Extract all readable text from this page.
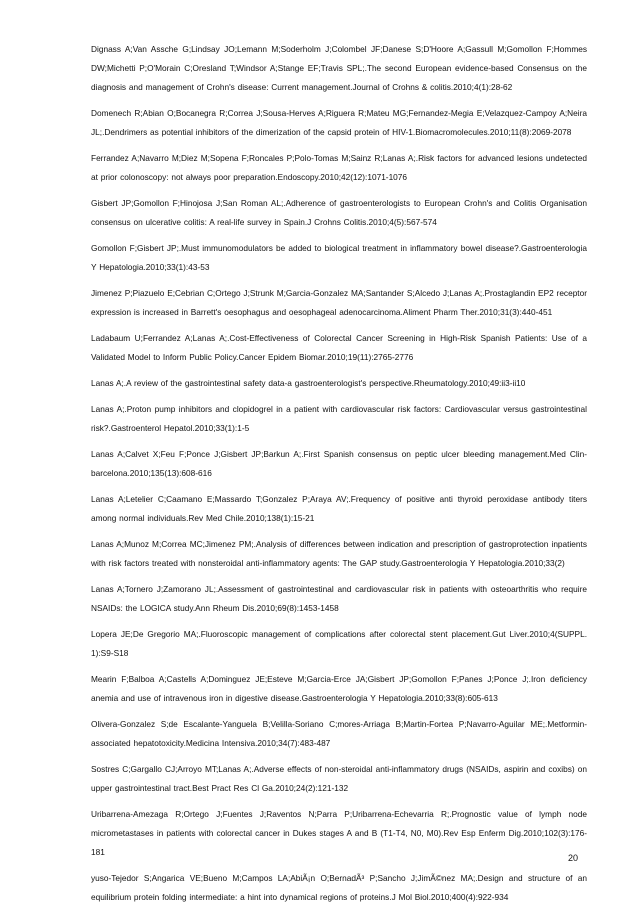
Dignass A;Van Assche G;Lindsay JO;Lemann M;Soderholm J;Colombel JF;Danese S;D'Hoore A;Gassull M;Gomollon F;Hommes DW;Michetti P;O'Morain C;Oresland T;Windsor A;Stange EF;Travis SPL;.The second European evidence-based Consensus on the diagnosis and management of Crohn's disease: Current management.Journal of Crohns & colitis.2010;4(1):28-62

Domenech R;Abian O;Bocanegra R;Correa J;Sousa-Herves A;Riguera R;Mateu MG;Fernandez-Megia E;Velazquez-Campoy A;Neira JL;.Dendrimers as potential inhibitors of the dimerization of the capsid protein of HIV-1.Biomacromolecules.2010;11(8):2069-2078

Ferrandez A;Navarro M;Diez M;Sopena F;Roncales P;Polo-Tomas M;Sainz R;Lanas A;.Risk factors for advanced lesions undetected at prior colonoscopy: not always poor preparation.Endoscopy.2010;42(12):1071-1076

Gisbert JP;Gomollon F;Hinojosa J;San Roman AL;.Adherence of gastroenterologists to European Crohn's and Colitis Organisation consensus on ulcerative colitis: A real-life survey in Spain.J Crohns Colitis.2010;4(5):567-574

Gomollon F;Gisbert JP;.Must immunomodulators be added to biological treatment in inflammatory bowel disease?.Gastroenterologia Y Hepatologia.2010;33(1):43-53

Jimenez P;Piazuelo E;Cebrian C;Ortego J;Strunk M;Garcia-Gonzalez MA;Santander S;Alcedo J;Lanas A;.Prostaglandin EP2 receptor expression is increased in Barrett's oesophagus and oesophageal adenocarcinoma.Aliment Pharm Ther.2010;31(3):440-451

Ladabaum U;Ferrandez A;Lanas A;.Cost-Effectiveness of Colorectal Cancer Screening in High-Risk Spanish Patients: Use of a Validated Model to Inform Public Policy.Cancer Epidem Biomar.2010;19(11):2765-2776

Lanas A;.A review of the gastrointestinal safety data-a gastroenterologist's perspective.Rheumatology.2010;49:ii3-ii10

Lanas A;.Proton pump inhibitors and clopidogrel in a patient with cardiovascular risk factors: Cardiovascular versus gastrointestinal risk?.Gastroenterol Hepatol.2010;33(1):1-5

Lanas A;Calvet X;Feu F;Ponce J;Gisbert JP;Barkun A;.First Spanish consensus on peptic ulcer bleeding management.Med Clin-barcelona.2010;135(13):608-616

Lanas A;Letelier C;Caamano E;Massardo T;Gonzalez P;Araya AV;.Frequency of positive anti thyroid peroxidase antibody titers among normal individuals.Rev Med Chile.2010;138(1):15-21

Lanas A;Munoz M;Correa MC;Jimenez PM;.Analysis of differences between indication and prescription of gastroprotection inpatients with risk factors treated with nonsteroidal anti-inflammatory agents: The GAP study.Gastroenterologia Y Hepatologia.2010;33(2)

Lanas A;Tornero J;Zamorano JL;.Assessment of gastrointestinal and cardiovascular risk in patients with osteoarthritis who require NSAIDs: the LOGICA study.Ann Rheum Dis.2010;69(8):1453-1458

Lopera JE;De Gregorio MA;.Fluoroscopic management of complications after colorectal stent placement.Gut Liver.2010;4(SUPPL. 1):S9-S18

Mearin F;Balboa A;Castells A;Dominguez JE;Esteve M;Garcia-Erce JA;Gisbert JP;Gomollon F;Panes J;Ponce J;.Iron deficiency anemia and use of intravenous iron in digestive disease.Gastroenterologia Y Hepatologia.2010;33(8):605-613

Olivera-Gonzalez S;de Escalante-Yanguela B;Velilla-Soriano C;mores-Arriaga B;Martin-Fortea P;Navarro-Aguilar ME;.Metformin-associated hepatotoxicity.Medicina Intensiva.2010;34(7):483-487

Sostres C;Gargallo CJ;Arroyo MT;Lanas A;.Adverse effects of non-steroidal anti-inflammatory drugs (NSAIDs, aspirin and coxibs) on upper gastrointestinal tract.Best Pract Res Cl Ga.2010;24(2):121-132

Uribarrena-Amezaga R;Ortego J;Fuentes J;Raventos N;Parra P;Uribarrena-Echevarria R;.Prognostic value of lymph node micrometastases in patients with colorectal cancer in Dukes stages A and B (T1-T4, N0, M0).Rev Esp Enferm Dig.2010;102(3):176-181

yuso-Tejedor S;Angarica VE;Bueno M;Campos LA;AbiÃ¡n O;BernadÃ³ P;Sancho J;JimÃ©nez MA;.Design and structure of an equilibrium protein folding intermediate: a hint into dynamical regions of proteins.J Mol Biol.2010;400(4):922-934

20
